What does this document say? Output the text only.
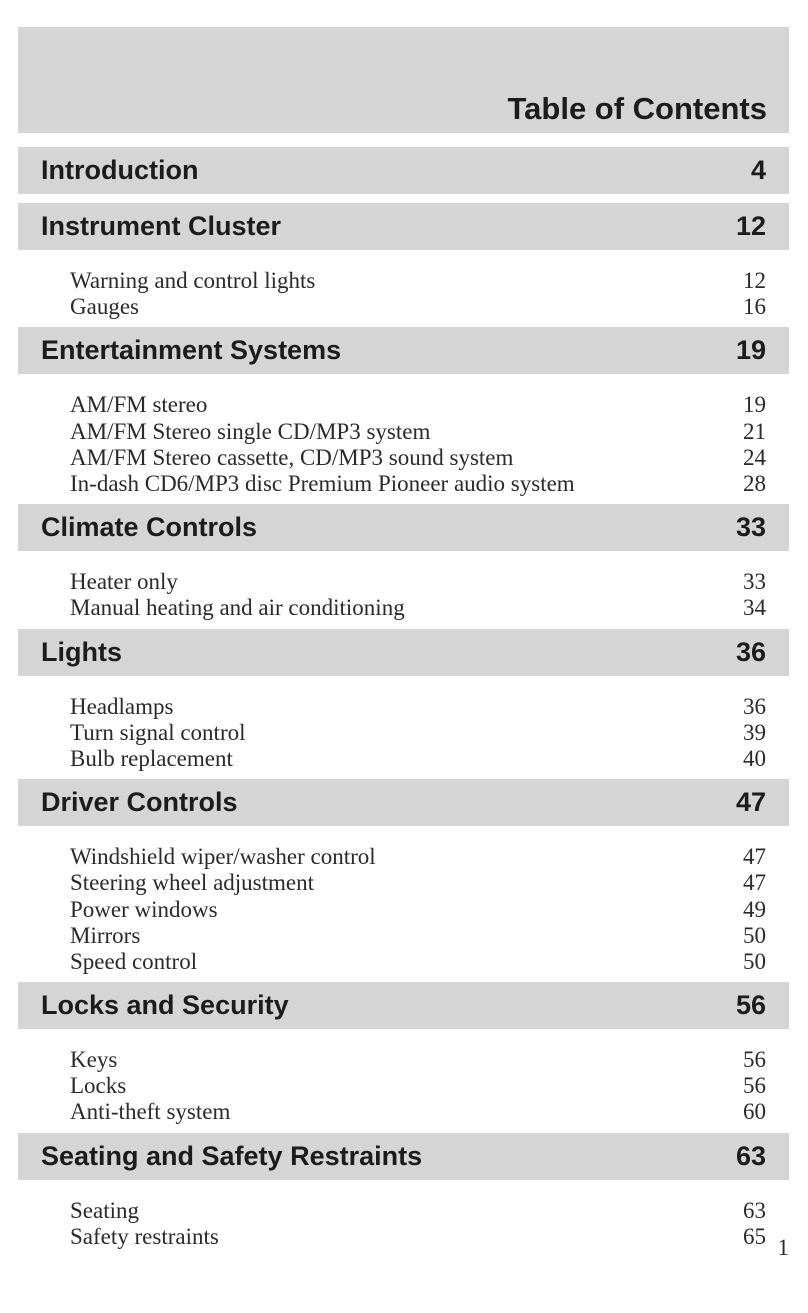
Table of Contents
Introduction	4
Instrument Cluster	12
Warning and control lights	12
Gauges	16
Entertainment Systems	19
AM/FM stereo	19
AM/FM Stereo single CD/MP3 system	21
AM/FM Stereo cassette, CD/MP3 sound system	24
In-dash CD6/MP3 disc Premium Pioneer audio system	28
Climate Controls	33
Heater only	33
Manual heating and air conditioning	34
Lights	36
Headlamps	36
Turn signal control	39
Bulb replacement	40
Driver Controls	47
Windshield wiper/washer control	47
Steering wheel adjustment	47
Power windows	49
Mirrors	50
Speed control	50
Locks and Security	56
Keys	56
Locks	56
Anti-theft system	60
Seating and Safety Restraints	63
Seating	63
Safety restraints	65 1
